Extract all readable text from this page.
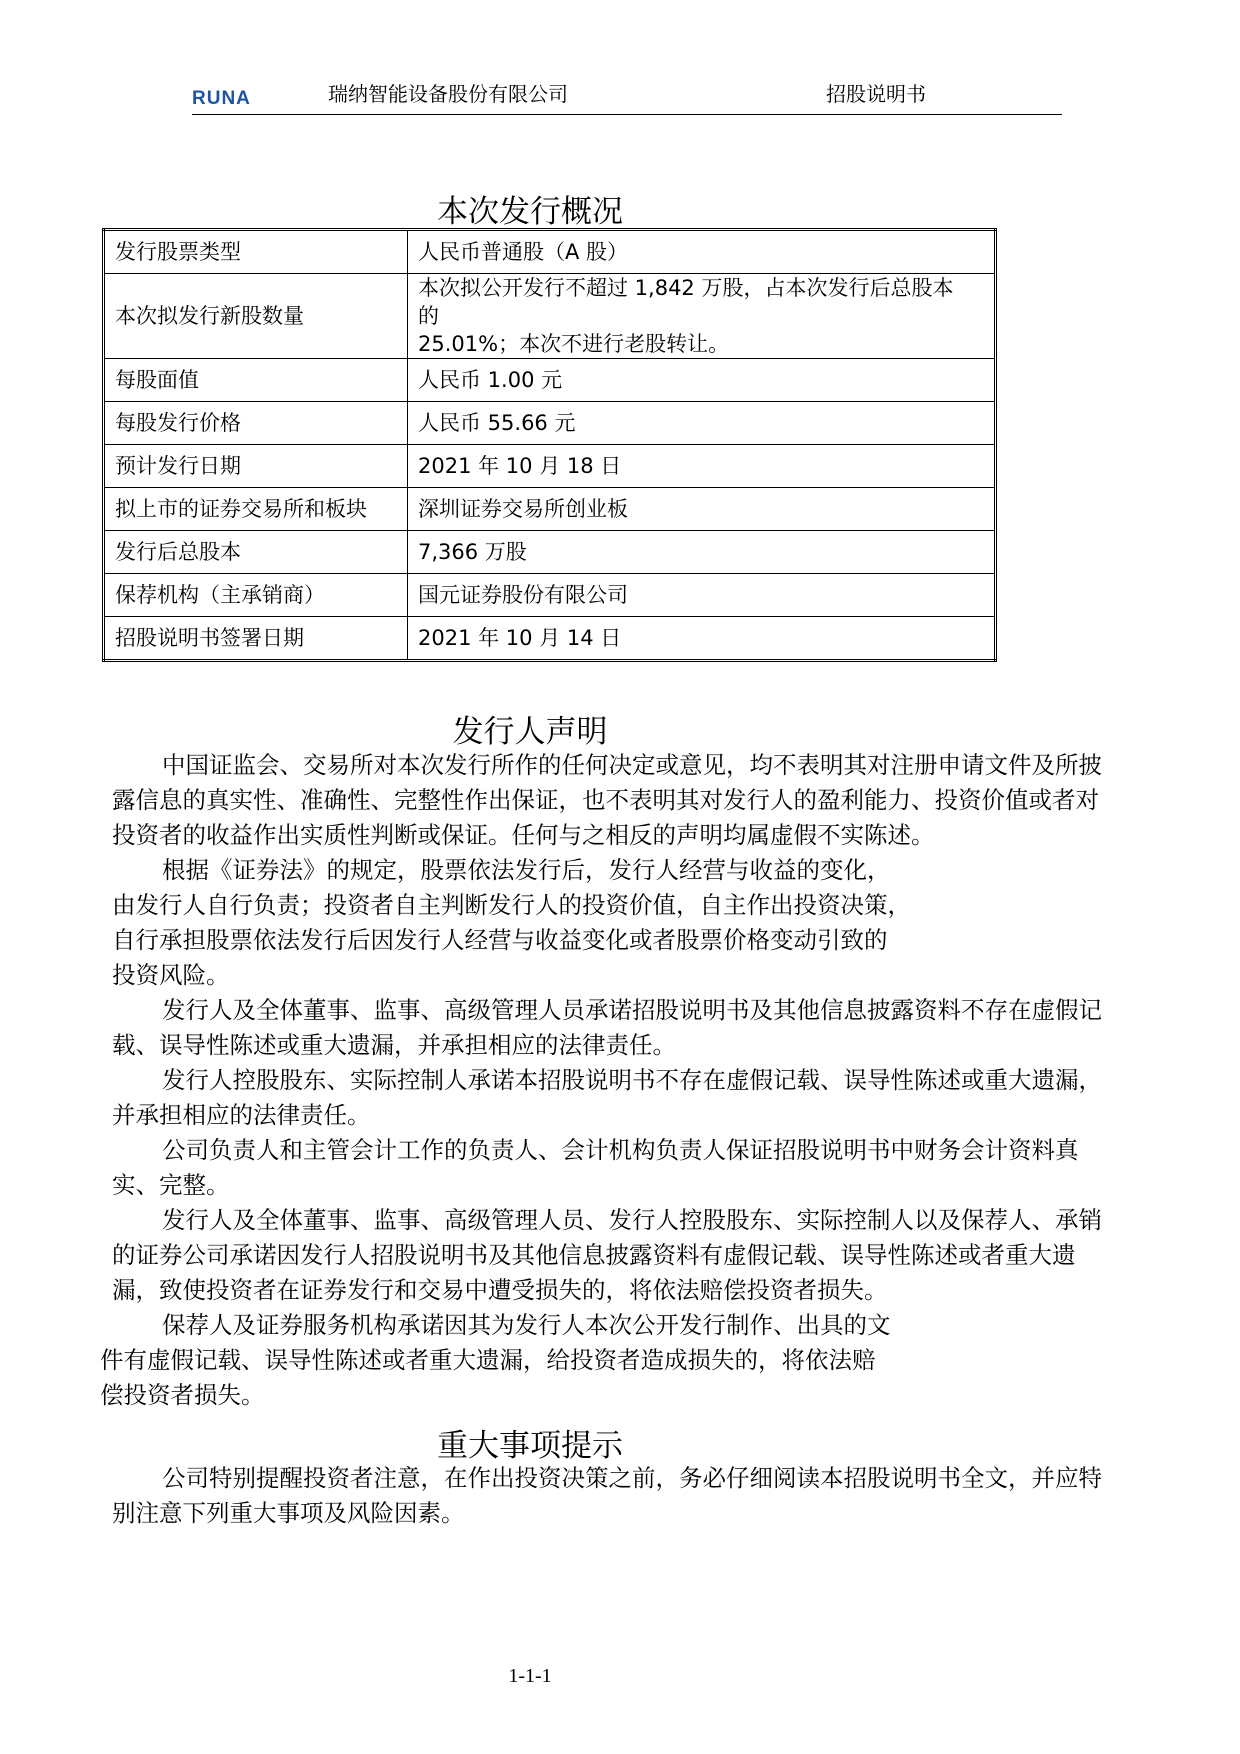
RUNA	瑞纳智能设备股份有限公司	招股说明书
本次发行概况
发行股票类型	人民币普通股（A 股）
本次拟发行新股数量	本次拟公开发行不超过 1,842 万股，占本次发行后总股本
的
25.01%；本次不进行老股转让。
每股面值	人民币 1.00 元
每股发行价格	人民币 55.66 元
预计发行日期	2021 年 10 月 18 日
拟上市的证券交易所和板块	深圳证券交易所创业板
发行后总股本	7,366 万股
保荐机构（主承销商）	国元证券股份有限公司
招股说明书签署日期	2021 年 10 月 14 日
发行人声明
中国证监会、交易所对本次发行所作的任何决定或意见，均不表明其对注册申请文件及所披露信息的真实性、准确性、完整性作出保证，也不表明其对发行人的盈利能力、投资价值或者对投资者的收益作出实质性判断或保证。任何与之相反的声明均属虚假不实陈述。
根据《证券法》的规定，股票依法发行后，发行人经营与收益的变化，
由发行人自行负责；投资者自主判断发行人的投资价值，自主作出投资决策，
自行承担股票依法发行后因发行人经营与收益变化或者股票价格变动引致的
投资风险。
发行人及全体董事、监事、高级管理人员承诺招股说明书及其他信息披露资料不存在虚假记载、误导性陈述或重大遗漏，并承担相应的法律责任。
发行人控股股东、实际控制人承诺本招股说明书不存在虚假记载、误导性陈述或重大遗漏，并承担相应的法律责任。
公司负责人和主管会计工作的负责人、会计机构负责人保证招股说明书中财务会计资料真实、完整。
发行人及全体董事、监事、高级管理人员、发行人控股股东、实际控制人以及保荐人、承销的证券公司承诺因发行人招股说明书及其他信息披露资料有虚假记载、误导性陈述或者重大遗漏，致使投资者在证券发行和交易中遭受损失的，将依法赔偿投资者损失。
保荐人及证券服务机构承诺因其为发行人本次公开发行制作、出具的文
件有虚假记载、误导性陈述或者重大遗漏，给投资者造成损失的，将依法赔
偿投资者损失。
重大事项提示
公司特别提醒投资者注意，在作出投资决策之前，务必仔细阅读本招股说明书全文，并应特别注意下列重大事项及风险因素。
1-1-1
